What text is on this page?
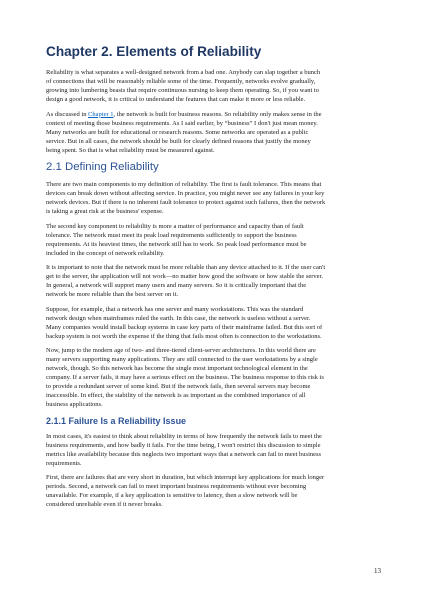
Chapter 2. Elements of Reliability
Reliability is what separates a well-designed network from a bad one. Anybody can slap together a bunch
of connections that will be reasonably reliable some of the time. Frequently, networks evolve gradually,
growing into lumbering beasts that require continuous nursing to keep them operating. So, if you want to
design a good network, it is critical to understand the features that can make it more or less reliable.
As discussed in Chapter 1, the network is built for business reasons. So reliability only makes sense in the
context of meeting those business requirements. As I said earlier, by “business” I don't just mean money.
Many networks are built for educational or research reasons. Some networks are operated as a public
service. But in all cases, the network should be built for clearly defined reasons that justify the money
being spent. So that is what reliability must be measured against.
2.1 Defining Reliability
There are two main components to my definition of reliability. The first is fault tolerance. This means that
devices can break down without affecting service. In practice, you might never see any failures in your key
network devices. But if there is no inherent fault tolerance to protect against such failures, then the network
is taking a great risk at the business' expense.
The second key component to reliability is more a matter of performance and capacity than of fault
tolerance. The network must meet its peak load requirements sufficiently to support the business
requirements. At its heaviest times, the network still has to work. So peak load performance must be
included in the concept of network reliability.
It is important to note that the network must be more reliable than any device attached to it. If the user can't
get to the server, the application will not work—no matter how good the software or how stable the server.
In general, a network will support many users and many servers. So it is critically important that the
network be more reliable than the best server on it.
Suppose, for example, that a network has one server and many workstations. This was the standard
network design when mainframes ruled the earth. In this case, the network is useless without a server.
Many companies would install backup systems in case key parts of their mainframe failed. But this sort of
backup system is not worth the expense if the thing that fails most often is connection to the workstations.
Now, jump to the modern age of two- and three-tiered client-server architectures. In this world there are
many servers supporting many applications. They are still connected to the user workstations by a single
network, though. So this network has become the single most important technological element in the
company. If a server fails, it may have a serious effect on the business. The business response to this risk is
to provide a redundant server of some kind. But if the network fails, then several servers may become
inaccessible. In effect, the stability of the network is as important as the combined importance of all
business applications.
2.1.1 Failure Is a Reliability Issue
In most cases, it's easiest to think about reliability in terms of how frequently the network fails to meet the
business requirements, and how badly it fails. For the time being, I won't restrict this discussion to simple
metrics like availability because this neglects two important ways that a network can fail to meet business
requirements.
First, there are failures that are very short in duration, but which interrupt key applications for much longer
periods. Second, a network can fail to meet important business requirements without ever becoming
unavailable. For example, if a key application is sensitive to latency, then a slow network will be
considered unreliable even if it never breaks.
13
